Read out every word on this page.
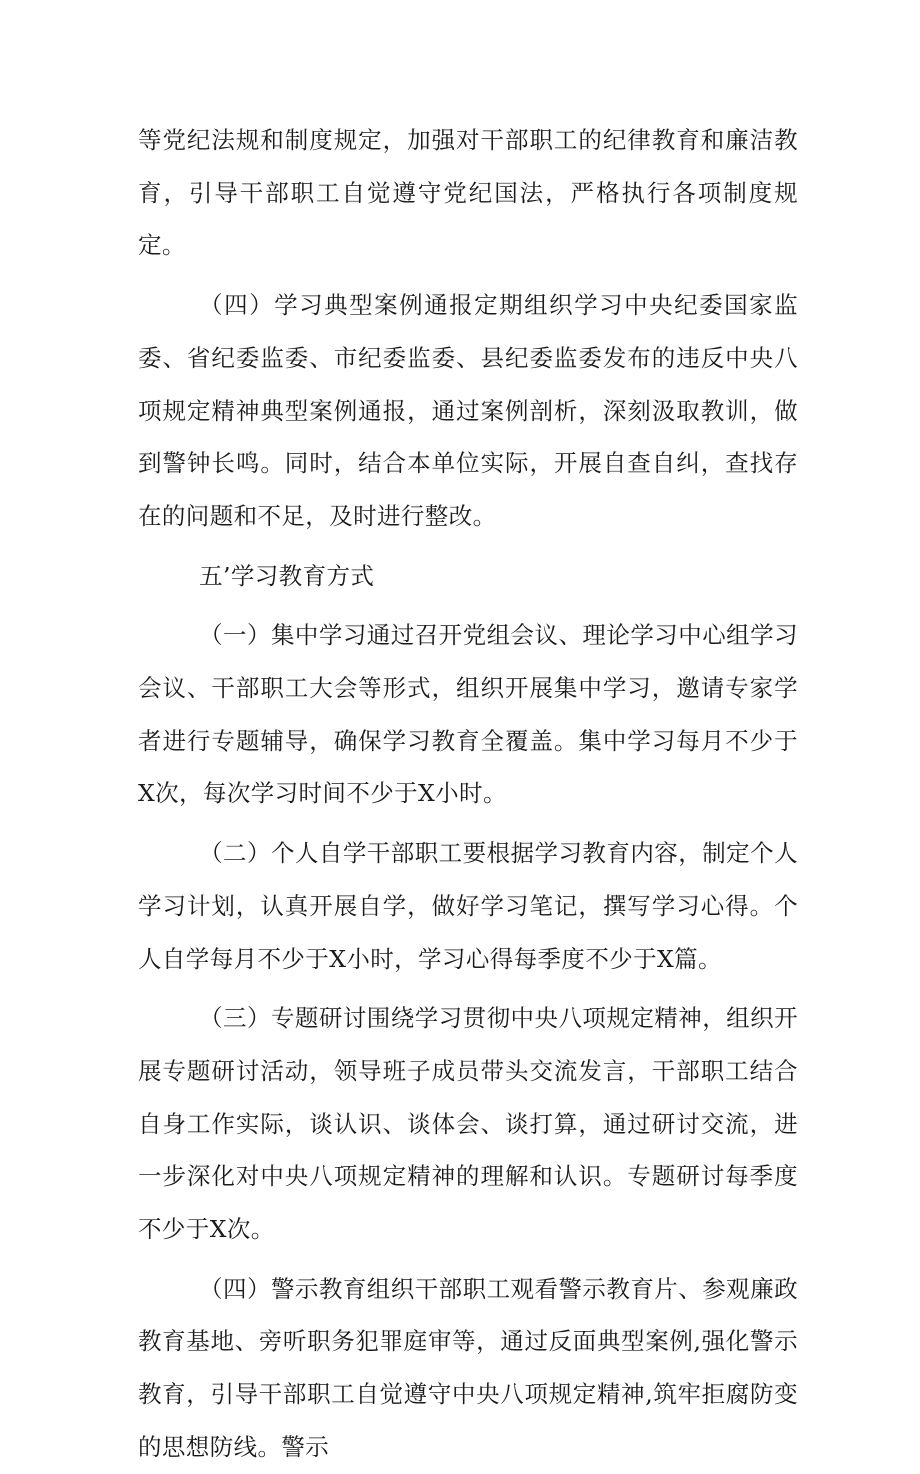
等党纪法规和制度规定，加强对干部职工的纪律教育和廉洁教育，引导干部职工自觉遵守党纪国法，严格执行各项制度规定。

（四）学习典型案例通报定期组织学习中央纪委国家监委、省纪委监委、市纪委监委、县纪委监委发布的违反中央八项规定精神典型案例通报，通过案例剖析，深刻汲取教训，做到警钟长鸣。同时，结合本单位实际，开展自查自纠，查找存在的问题和不足，及时进行整改。

五’学习教育方式

（一）集中学习通过召开党组会议、理论学习中心组学习会议、干部职工大会等形式，组织开展集中学习，邀请专家学者进行专题辅导，确保学习教育全覆盖。集中学习每月不少于X次，每次学习时间不少于X小时。

（二）个人自学干部职工要根据学习教育内容，制定个人学习计划，认真开展自学，做好学习笔记，撰写学习心得。个人自学每月不少于X小时，学习心得每季度不少于X篇。

（三）专题研讨围绕学习贯彻中央八项规定精神，组织开展专题研讨活动，领导班子成员带头交流发言，干部职工结合自身工作实际，谈认识、谈体会、谈打算，通过研讨交流，进一步深化对中央八项规定精神的理解和认识。专题研讨每季度不少于X次。

（四）警示教育组织干部职工观看警示教育片、参观廉政教育基地、旁听职务犯罪庭审等，通过反面典型案例,强化警示教育，引导干部职工自觉遵守中央八项规定精神,筑牢拒腐防变的思想防线。警示
